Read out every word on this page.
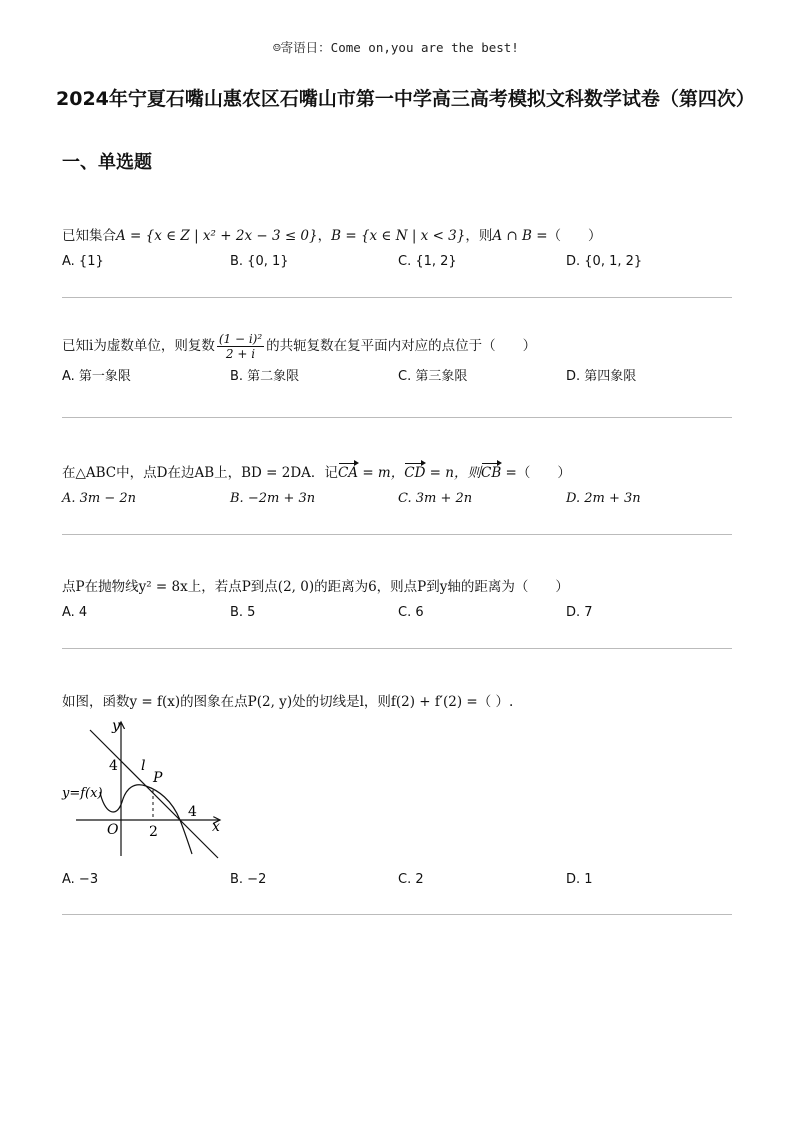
☺寄语日：Come on,you are the best!
2024年宁夏石嘴山惠农区石嘴山市第一中学高三高考模拟文科数学试卷（第四次）
一、单选题
已知集合A = {x ∈ Z | x² + 2x − 3 ≤ 0}，B = {x ∈ N | x < 3}，则A ∩ B =（　　）
A. {1}	B. {0, 1}	C. {1, 2}	D. {0, 1, 2}
已知i为虚数单位，则复数 $\frac{\text{(1 − i)²}}{2 + i}$ 的共轭复数在复平面内对应的点位于（　　）
A. 第一象限	B. 第二象限	C. 第三象限	D. 第四象限
在△ABC中，点D在边AB上，BD = 2DA．记CA = m，CD = n，则CB =（　　）
A. 3m − 2n	B. −2m + 3n	C. 3m + 2n	D. 2m + 3n
点P在抛物线y² = 8x上，若点P到点(2, 0)的距离为6，则点P到y轴的距离为（　　）
A. 4	B. 5	C. 6	D. 7
如图，函数y = f(x)的图象在点P(2, y)处的切线是l，则f(2) + f′(2) =（ ）.
y
x
O
4
4
2
l
P
y=f(x)
A. −3	B. −2	C. 2	D. 1
